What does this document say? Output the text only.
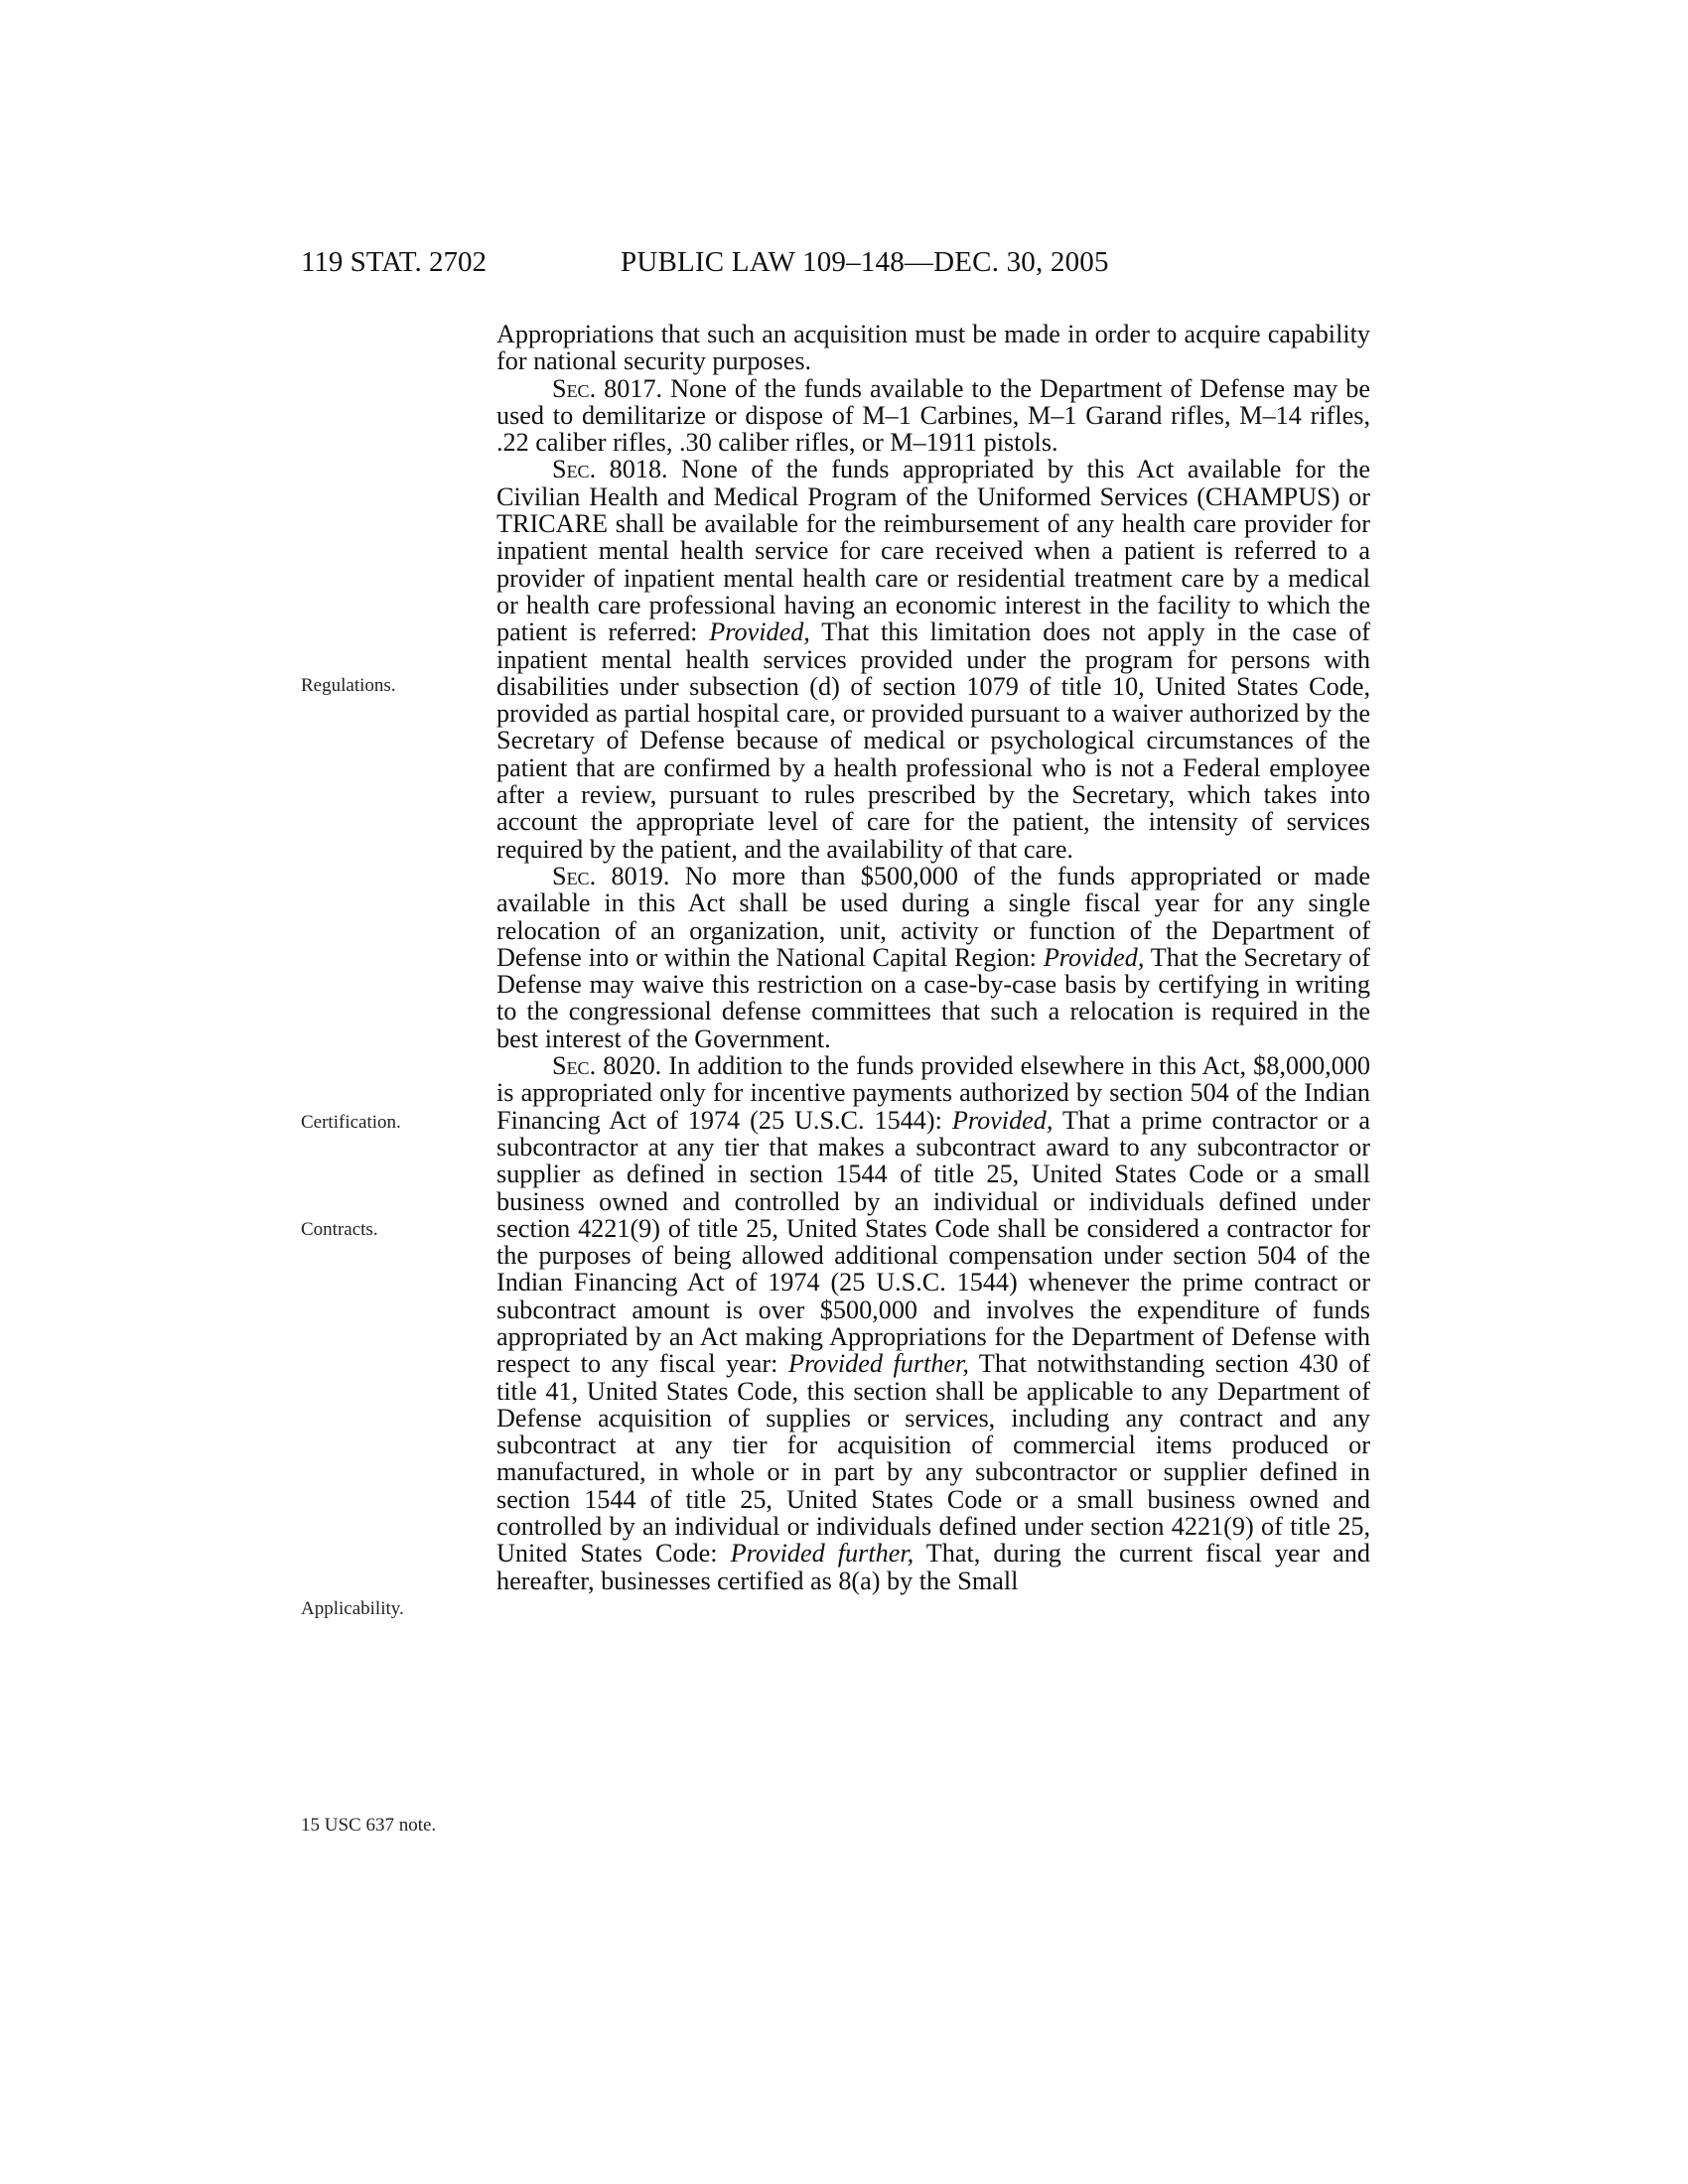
119 STAT. 2702	PUBLIC LAW 109–148—DEC. 30, 2005
Regulations.
Certification.
Contracts.
Applicability.
15 USC 637 note.

Appropriations that such an acquisition must be made in order to acquire capability for national security purposes.

Sec. 8017. None of the funds available to the Department of Defense may be used to demilitarize or dispose of M–1 Carbines, M–1 Garand rifles, M–14 rifles, .22 caliber rifles, .30 caliber rifles, or M–1911 pistols.

Sec. 8018. None of the funds appropriated by this Act available for the Civilian Health and Medical Program of the Uniformed Services (CHAMPUS) or TRICARE shall be available for the reimbursement of any health care provider for inpatient mental health service for care received when a patient is referred to a provider of inpatient mental health care or residential treatment care by a medical or health care professional having an economic interest in the facility to which the patient is referred: Provided, That this limitation does not apply in the case of inpatient mental health services provided under the program for persons with disabilities under subsection (d) of section 1079 of title 10, United States Code, provided as partial hospital care, or provided pursuant to a waiver authorized by the Secretary of Defense because of medical or psychological circumstances of the patient that are confirmed by a health professional who is not a Federal employee after a review, pursuant to rules prescribed by the Secretary, which takes into account the appropriate level of care for the patient, the intensity of services required by the patient, and the availability of that care.

Sec. 8019. No more than $500,000 of the funds appropriated or made available in this Act shall be used during a single fiscal year for any single relocation of an organization, unit, activity or function of the Department of Defense into or within the National Capital Region: Provided, That the Secretary of Defense may waive this restriction on a case-by-case basis by certifying in writing to the congressional defense committees that such a relocation is required in the best interest of the Government.

Sec. 8020. In addition to the funds provided elsewhere in this Act, $8,000,000 is appropriated only for incentive payments authorized by section 504 of the Indian Financing Act of 1974 (25 U.S.C. 1544): Provided, That a prime contractor or a subcontractor at any tier that makes a subcontract award to any subcontractor or supplier as defined in section 1544 of title 25, United States Code or a small business owned and controlled by an individual or individuals defined under section 4221(9) of title 25, United States Code shall be considered a contractor for the purposes of being allowed additional compensation under section 504 of the Indian Financing Act of 1974 (25 U.S.C. 1544) whenever the prime contract or subcontract amount is over $500,000 and involves the expenditure of funds appropriated by an Act making Appropriations for the Department of Defense with respect to any fiscal year: Provided further, That notwithstanding section 430 of title 41, United States Code, this section shall be applicable to any Department of Defense acquisition of supplies or services, including any contract and any subcontract at any tier for acquisition of commercial items produced or manufactured, in whole or in part by any subcontractor or supplier defined in section 1544 of title 25, United States Code or a small business owned and controlled by an individual or individuals defined under section 4221(9) of title 25, United States Code: Provided further, That, during the current fiscal year and hereafter, businesses certified as 8(a) by the Small
